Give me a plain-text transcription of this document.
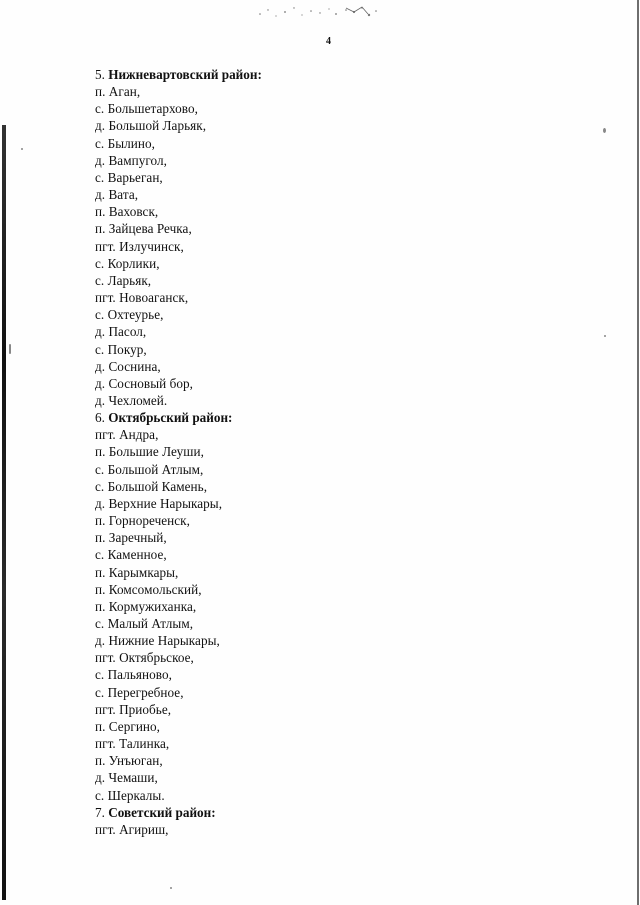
4
5. Нижневартовский район:
п. Аган,
с. Большетархово,
д. Большой Ларьяк,
с. Былино,
д. Вампугол,
с. Варьеган,
д. Вата,
п. Ваховск,
п. Зайцева Речка,
пгт. Излучинск,
с. Корлики,
с. Ларьяк,
пгт. Новоаганск,
с. Охтеурье,
д. Пасол,
с. Покур,
д. Соснина,
д. Сосновый бор,
д. Чехломей.
6. Октябрьский район:
пгт. Андра,
п. Большие Леуши,
с. Большой Атлым,
с. Большой Камень,
д. Верхние Нарыкары,
п. Горнореченск,
п. Заречный,
с. Каменное,
п. Карымкары,
п. Комсомольский,
п. Кормужиханка,
с. Малый Атлым,
д. Нижние Нарыкары,
пгт. Октябрьское,
с. Пальяново,
с. Перегребное,
пгт. Приобье,
п. Сергино,
пгт. Талинка,
п. Унъюган,
д. Чемаши,
с. Шеркалы.
7. Советский район:
пгт. Агириш,
